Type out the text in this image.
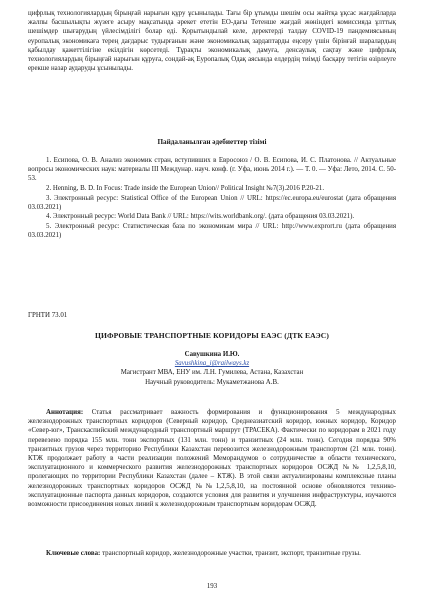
цифрлық технологиялардың бірыңғай нарығын құру ұсынылады. Тағы бір ұтымды шешім осы жайтқа ұқсас жағдайларда жалпы басшылықты жүзеге асыру мақсатында әрекет ететін ЕО-дағы Тетенше жағдай жөніндегі комиссияда ұлттық шешімдер шығарудың үйлесімділігі болар еді. Қорытындылай келе, деректерді талдау COVID-19 пандемиясының еуропалық экономикаға терең дағдарыс тудырғанын және экономикалық зардаптарды еңсеру үшін бірінғай шаралардың қабылдау қажеттілігіне екілдігін көрсетеді. Тұрақты экономикалық дамуға, денсаулық сақтау және цифрлық технологиялардың бірыңғай нарығын құруға, сондай-ақ Еуропалық Одақ аясында елдердің тиімді басқару тетігін өзірлеуге ерекше назар аударуды ұсынылады.

Пайдаланылған әдебиеттер тізімі

1. Есипова, О. В. Анализ экономик стран, вступивших в Евросоюз / О. В. Есипова, И. С. Платонова. // Актуальные вопросы экономических наук: материалы III Междунар. науч. конф. (г. Уфа, июнь 2014 г.). — Т. 0. — Уфа: Лето, 2014. С. 50-53.

2. Henning, B. D. In Focus: Trade inside the European Union// Political Insight №7(3).2016 Р.20-21.

3. Электронный ресурс: Statistical Office of the European Union // URL: https://ec.europa.eu/eurostat (дата обращения 03.03.2021)

4. Электронный ресурс: World Data Bank // URL: https://wits.worldbank.org/. (дата обращения 03.03.2021).

5. Электронный ресурс: Статистическая база по экономикам мира // URL: http://www.exprort.ru (дата обращения 03.03.2021)

ГРНТИ 73.01

ЦИФРОВЫЕ ТРАНСПОРТНЫЕ КОРИДОРЫ ЕАЭС (ДТК ЕАЭС)

Савушкина И.Ю.

Savushkina_i@railways.kz

Магистрант МВА, ЕНУ им. Л.Н. Гумилева, Астана, Казахстан

Научный руководитель: Мукаметжанова А.В.

Аннотация: Статья рассматривает важность формирования и функционирования 5 международных железнодорожных транспортных коридоров (Северный коридор, Среднеазиатский коридор, южных коридор, Коридор «Север-юг», Транскаспийский международный транспортный маршрут (ТРАСЕКА). Фактически по коридорам в 2021 году перевезено порядка 155 млн. тонн экспортных (131 млн. тонн) и транзитных (24 млн. тонн). Сегодня порядка 90% транзитных грузов через территорию Республики Казахстан перевозится железнодорожным транспортом (21 млн. тонн). КТЖ продолжает работу в части реализации положений Меморандумов о сотрудничестве в области технического, эксплуатационного и коммерческого развития железнодорожных транспортных коридоров ОСЖД №№ 1,2,5,8,10, пролегающих по территории Республики Казахстан (далее – КТЖ). В этой связи актуализированы комплексные планы железнодорожных транспортных коридоров ОСЖД №№1,2,5,8,10, на постоянной основе обновляются технико-эксплуатационные паспорта данных коридоров, создаются условия для развития и улучшения инфраструктуры, изучаются возможности присоединения новых линий к железнодорожным транспортным коридорам ОСЖД.

Ключевые слова: транспортный коридор, железнодорожные участки, транзит, экспорт, транзитные грузы.

193
